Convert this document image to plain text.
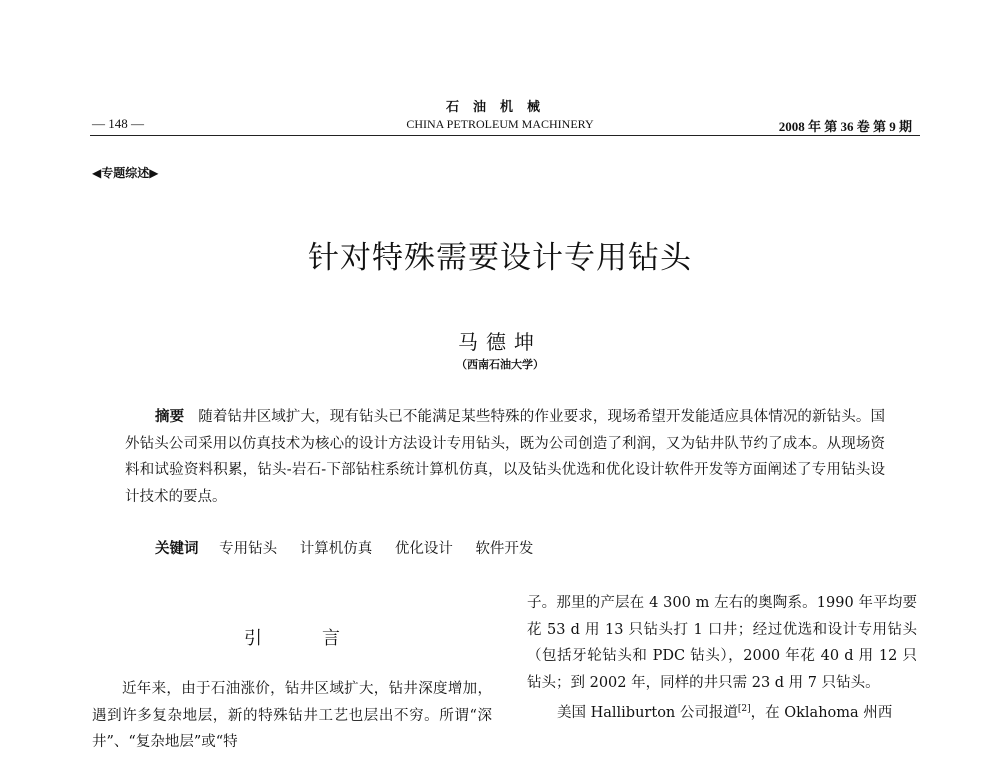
石油机械
CHINA PETROLEUM MACHINERY
— 148 —	2008 年 第 36 卷 第 9 期
◀专题综述▶
针对特殊需要设计专用钻头
马德坤
（西南石油大学）
摘要 随着钻井区域扩大，现有钻头已不能满足某些特殊的作业要求，现场希望开发能适应具体情况的新钻头。国外钻头公司采用以仿真技术为核心的设计方法设计专用钻头，既为公司创造了利润，又为钻井队节约了成本。从现场资料和试验资料积累，钻头-岩石-下部钻柱系统计算机仿真，以及钻头优选和优化设计软件开发等方面阐述了专用钻头设计技术的要点。
关键词 专用钻头 计算机仿真 优化设计 软件开发
引言

近年来，由于石油涨价，钻井区域扩大，钻井深度增加，遇到许多复杂地层，新的特殊钻井工艺也层出不穷。所谓“深井”、“复杂地层”或“特

子。那里的产层在 4 300 m 左右的奥陶系。1990 年平均要花 53 d 用 13 只钻头打 1 口井；经过优选和设计专用钻头（包括牙轮钻头和 PDC 钻头），2000 年花 40 d 用 12 只钻头；到 2002 年，同样的井只需 23 d 用 7 只钻头。

美国 Halliburton 公司报道[2]，在 Oklahoma 州西
